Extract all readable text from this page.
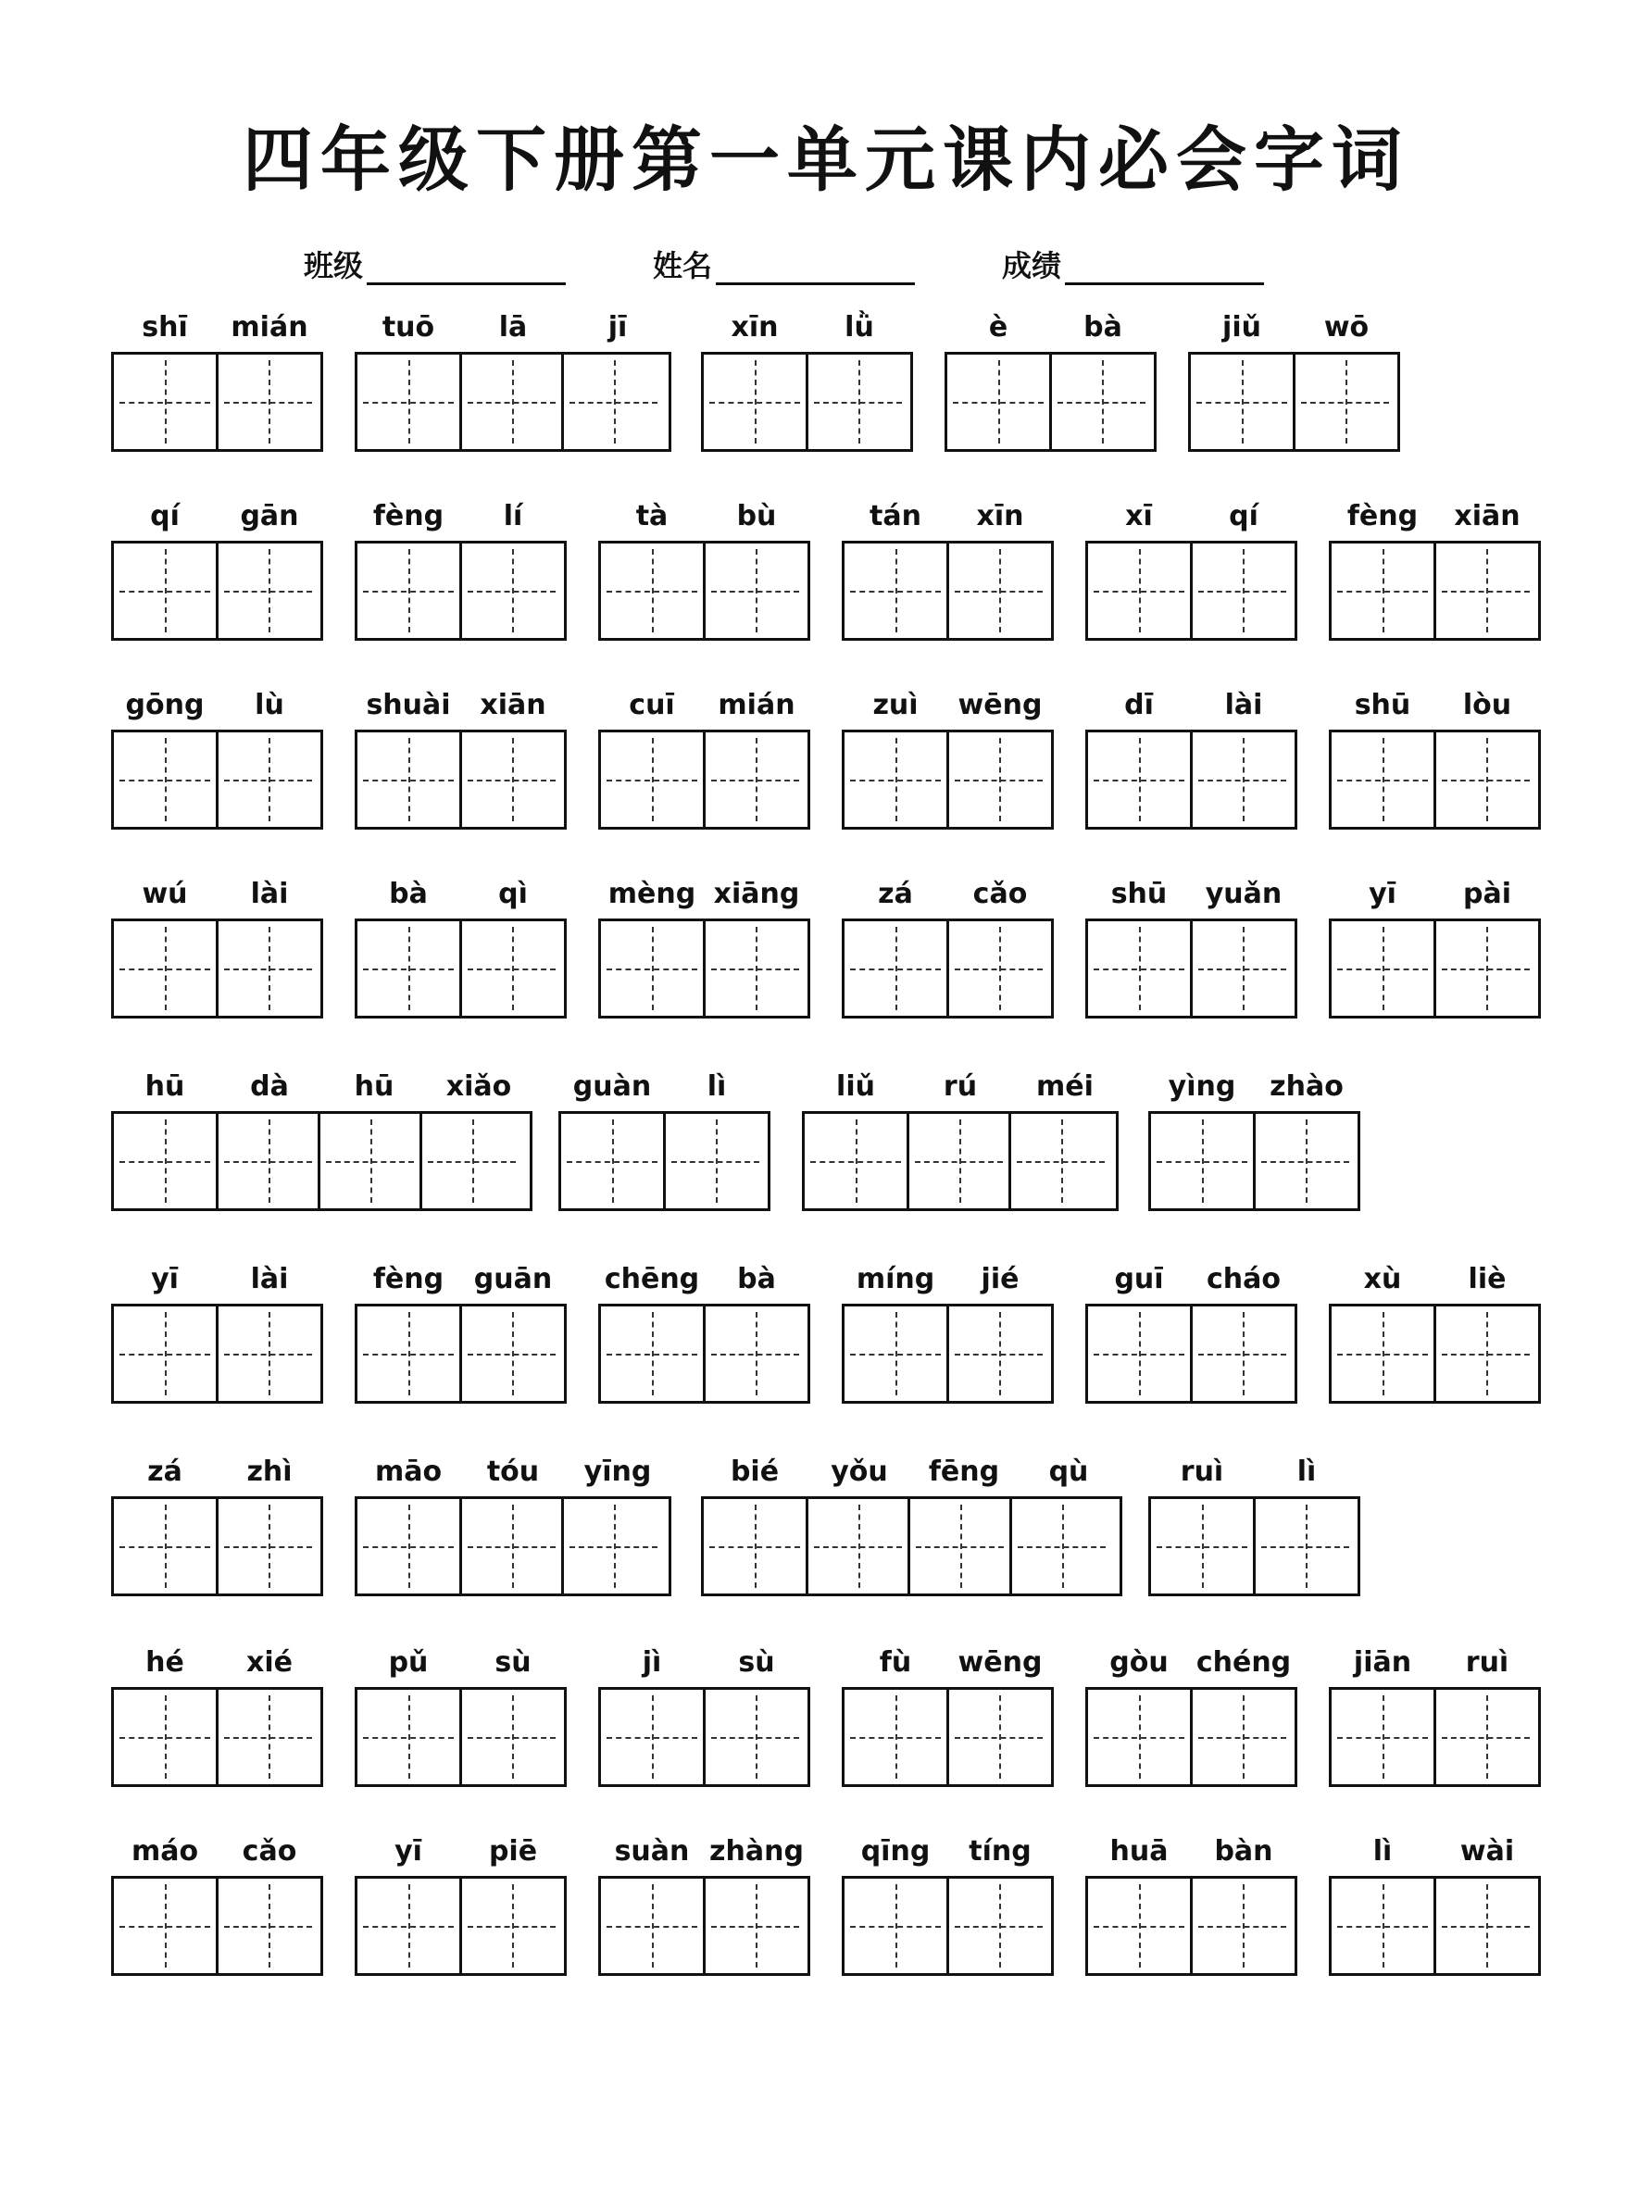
四年级下册第一单元课内必会字词
班级	姓名	成绩
shī	mián	tuō	lā	jī	xīn	lǜ	è	bà	jiǔ	wō
qí	gān	fèng	lí	tà	bù	tán	xīn	xī	qí	fèng	xiān
gōng	lù	shuài	xiān	cuī	mián	zuì	wēng	dī	lài	shū	lòu
wú	lài	bà	qì	mèng xiāng	zá	cǎo	shū	yuǎn	yī	pài
hū	dà	hū	xiǎo	guàn	lì	liǔ	rú	méi	yìng	zhào
yī	lài	fèng	guān	chēng	bà	míng	jié	guī	cháo	xù	liè
zá	zhì	māo	tóu	yīng	bié	yǒu	fēng	qù	ruì	lì
hé	xié	pǔ	sù	jì	sù	fù	wēng	gòu	chéng	jiān	ruì
máo	cǎo	yī	piē	suàn zhàng	qīng	tíng	huā	bàn	lì	wài
